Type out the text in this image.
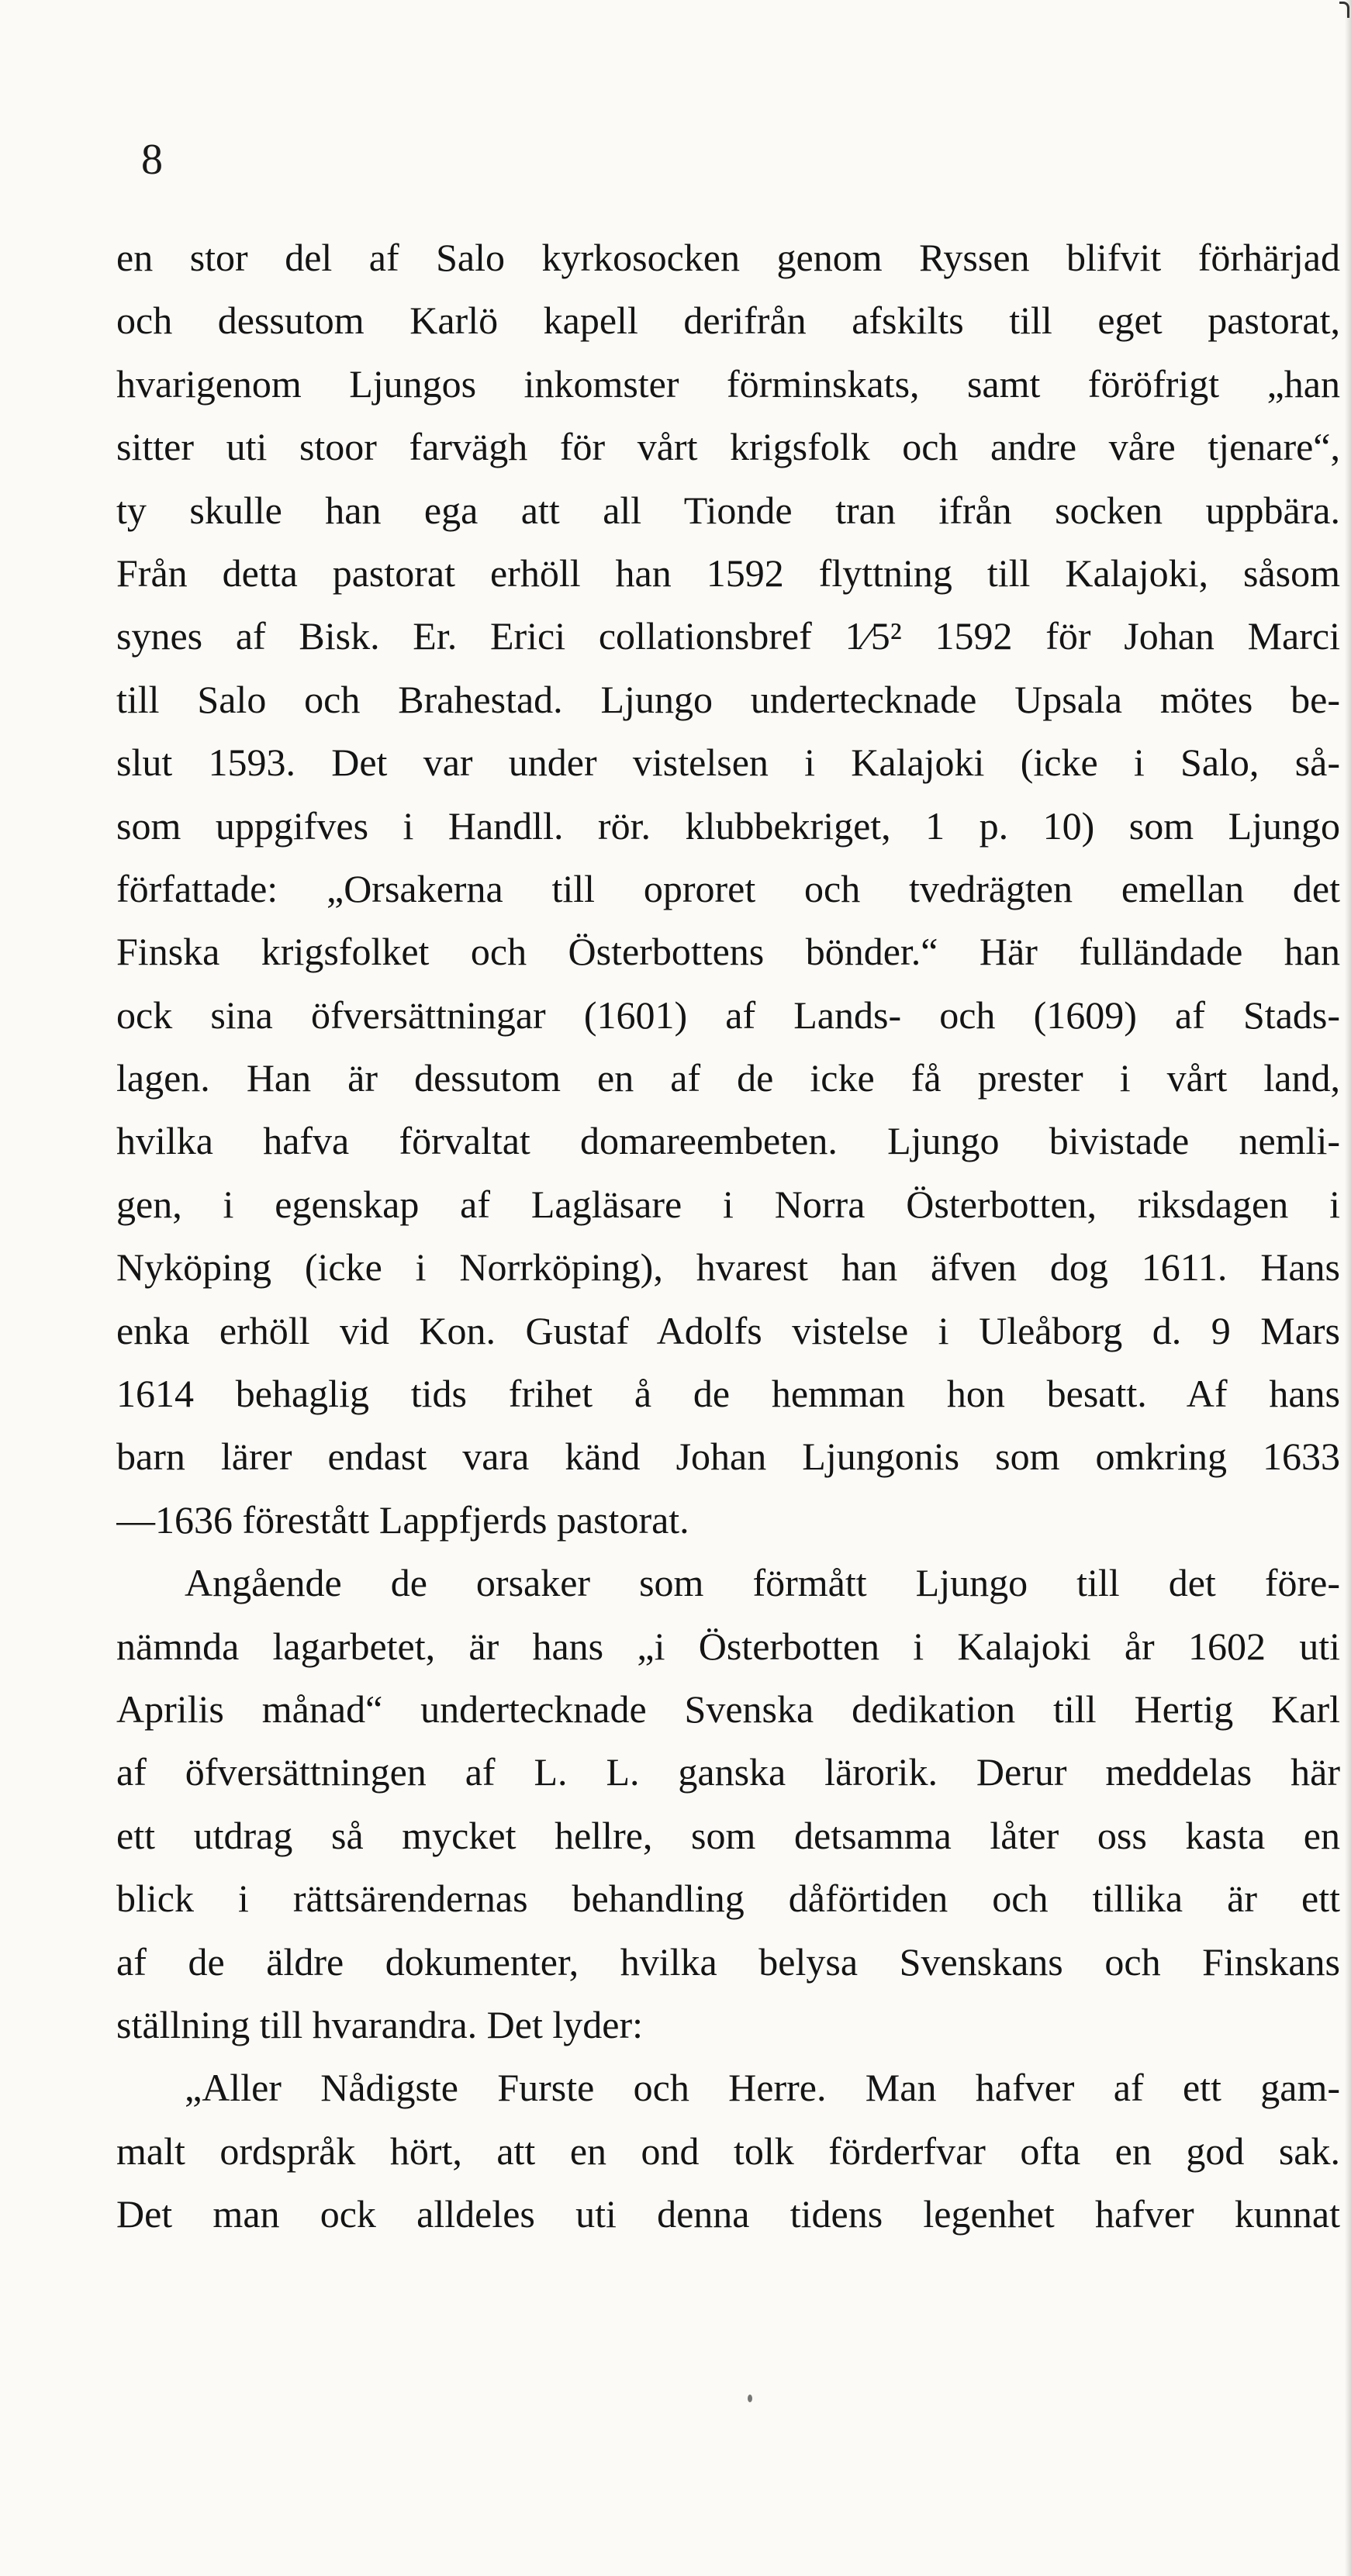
8
en stor del af Salo kyrkosocken genom Ryssen blifvit förhärjad
och dessutom Karlö kapell derifrån afskilts till eget pastorat,
hvarigenom Ljungos inkomster förminskats, samt föröfrigt „han
sitter uti stoor farvägh för vårt krigsfolk och andre våre tjenare“,
ty skulle han ega att all Tionde tran ifrån socken uppbära.
Från detta pastorat erhöll han 1592 flyttning till Kalajoki, såsom
synes af Bisk. Er. Erici collationsbref 1⁄5² 1592 för Johan Marci
till Salo och Brahestad. Ljungo undertecknade Upsala mötes be-
slut 1593. Det var under vistelsen i Kalajoki (icke i Salo, så-
som uppgifves i Handll. rör. klubbekriget, 1 p. 10) som Ljungo
författade: „Orsakerna till oproret och tvedrägten emellan det
Finska krigsfolket och Österbottens bönder.“ Här fulländade han
ock sina öfversättningar (1601) af Lands- och (1609) af Stads-
lagen. Han är dessutom en af de icke få prester i vårt land,
hvilka hafva förvaltat domareembeten. Ljungo bivistade nemli-
gen, i egenskap af Lagläsare i Norra Österbotten, riksdagen i
Nyköping (icke i Norrköping), hvarest han äfven dog 1611. Hans
enka erhöll vid Kon. Gustaf Adolfs vistelse i Uleåborg d. 9 Mars
1614 behaglig tids frihet å de hemman hon besatt. Af hans
barn lärer endast vara känd Johan Ljungonis som omkring 1633
—1636 förestått Lappfjerds pastorat.
Angående de orsaker som förmått Ljungo till det före-
nämnda lagarbetet, är hans „i Österbotten i Kalajoki år 1602 uti
Aprilis månad“ undertecknade Svenska dedikation till Hertig Karl
af öfversättningen af L. L. ganska lärorik. Derur meddelas här
ett utdrag så mycket hellre, som detsamma låter oss kasta en
blick i rättsärendernas behandling dåförtiden och tillika är ett
af de äldre dokumenter, hvilka belysa Svenskans och Finskans
ställning till hvarandra. Det lyder:
„Aller Nådigste Furste och Herre. Man hafver af ett gam-
malt ordspråk hört, att en ond tolk förderfvar ofta en god sak.
Det man ock alldeles uti denna tidens legenhet hafver kunnat
